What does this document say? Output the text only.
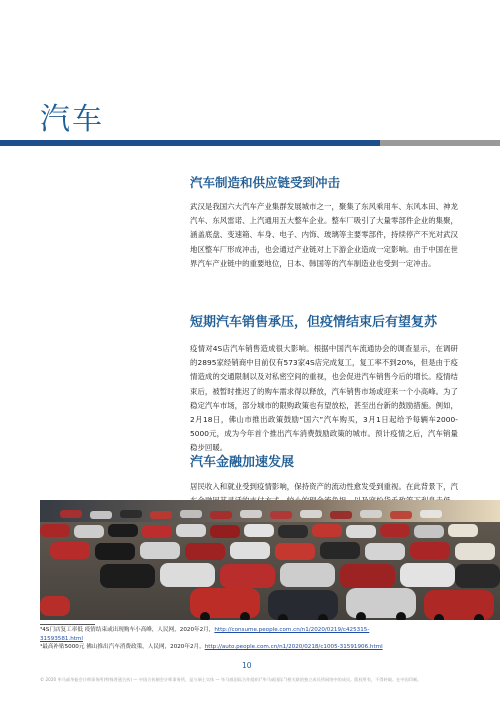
汽车
汽车制造和供应链受到冲击

武汉是我国六大汽车产业集群发展城市之一，聚集了东风乘用车、东风本田、神龙汽车、东风雷诺、上汽通用五大整车企业。整车厂吸引了大量零部件企业的集聚，涵盖底盘、变速箱、车身、电子、内饰、玻璃等主要零部件，持续停产不光对武汉地区整车厂形成冲击，也会通过产业链对上下游企业造成一定影响。由于中国在世界汽车产业链中的重要地位，日本、韩国等的汽车制造业也受到一定冲击。

短期汽车销售承压，但疫情结束后有望复苏

疫情对4S店汽车销售造成很大影响。根据中国汽车流通协会的调查显示，在调研的2895家经销商中目前仅有573家4S店完成复工，复工率不到20%，但是由于疫情造成的交通限制以及对私密空间的重视，也会促进汽车销售今后的增长。疫情结束后，被暂时推迟了的购车需求得以释放，汽车销售市场或迎来一个小高峰。为了稳定汽车市场，部分城市的限购政策也有望放松，甚至出台新的鼓励措施。例如，2月18日，佛山市推出政策鼓励“国六”汽车购买，3月1日起给予每辆车2000-5000元，成为今年首个推出汽车消费鼓励政策的城市。预计疫情之后，汽车销量稳步回暖。

汽车金融加速发展

居民收入和就业受到疫情影响，保持资产的流动性愈发受到重视。在此背景下，汽

³4S门店复工率低 疫情结束或出现购车小高峰，人民网，2020年2月，http://consume.people.com.cn/n1/2020/0219/c425315-31593581.html
⁴最高补贴5000元 佛山推出汽车消费政策，人民网，2020年2月，http://auto.people.com.cn/n1/2020/0218/c1005-31591906.html
10
© 2020 毕马威华振会计师事务所(特殊普通合伙) — 中国合伙制会计师事务所，是与瑞士实体 — 毕马威国际合作组织(“毕马威国际”)相关联的独立成员所网络中的成员。版权所有，不得转载。在中国印制。
